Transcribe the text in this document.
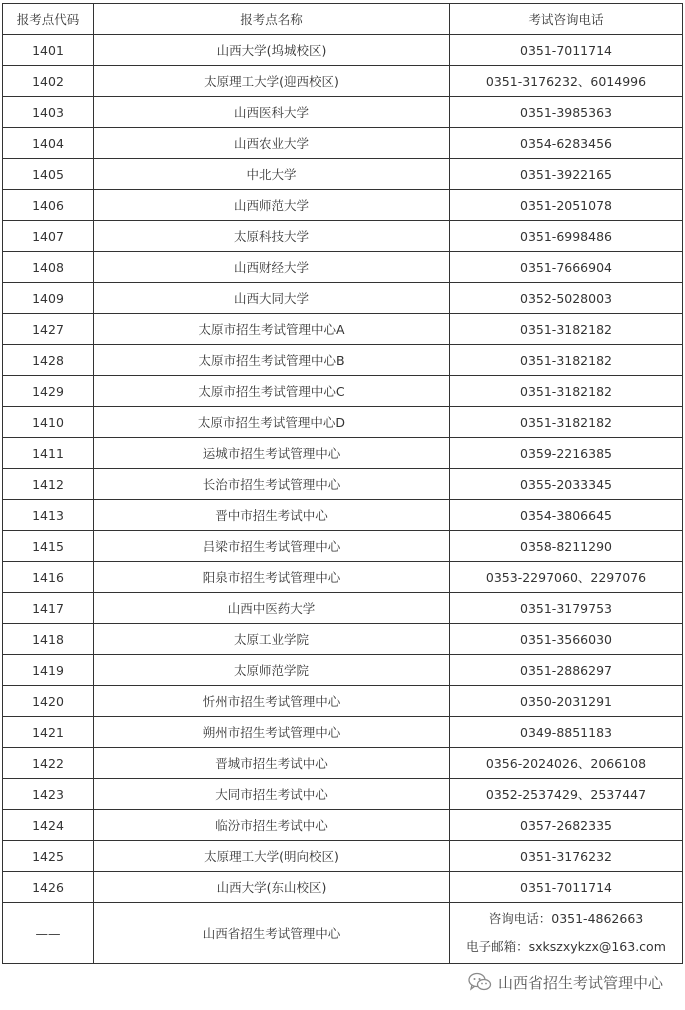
报考点代码	报考点名称	考试咨询电话
1401	山西大学(坞城校区)	0351-7011714
1402	太原理工大学(迎西校区)	0351-3176232、6014996
1403	山西医科大学	0351-3985363
1404	山西农业大学	0354-6283456
1405	中北大学	0351-3922165
1406	山西师范大学	0351-2051078
1407	太原科技大学	0351-6998486
1408	山西财经大学	0351-7666904
1409	山西大同大学	0352-5028003
1427	太原市招生考试管理中心A	0351-3182182
1428	太原市招生考试管理中心B	0351-3182182
1429	太原市招生考试管理中心C	0351-3182182
1410	太原市招生考试管理中心D	0351-3182182
1411	运城市招生考试管理中心	0359-2216385
1412	长治市招生考试管理中心	0355-2033345
1413	晋中市招生考试中心	0354-3806645
1415	吕梁市招生考试管理中心	0358-8211290
1416	阳泉市招生考试管理中心	0353-2297060、2297076
1417	山西中医药大学	0351-3179753
1418	太原工业学院	0351-3566030
1419	太原师范学院	0351-2886297
1420	忻州市招生考试管理中心	0350-2031291
1421	朔州市招生考试管理中心	0349-8851183
1422	晋城市招生考试中心	0356-2024026、2066108
1423	大同市招生考试中心	0352-2537429、2537447
1424	临汾市招生考试中心	0357-2682335
1425	太原理工大学(明向校区)	0351-3176232
1426	山西大学(东山校区)	0351-7011714
——	山西省招生考试管理中心	咨询电话：0351-4862663
电子邮箱：sxkszxykzx@163.com
山西省招生考试管理中心
